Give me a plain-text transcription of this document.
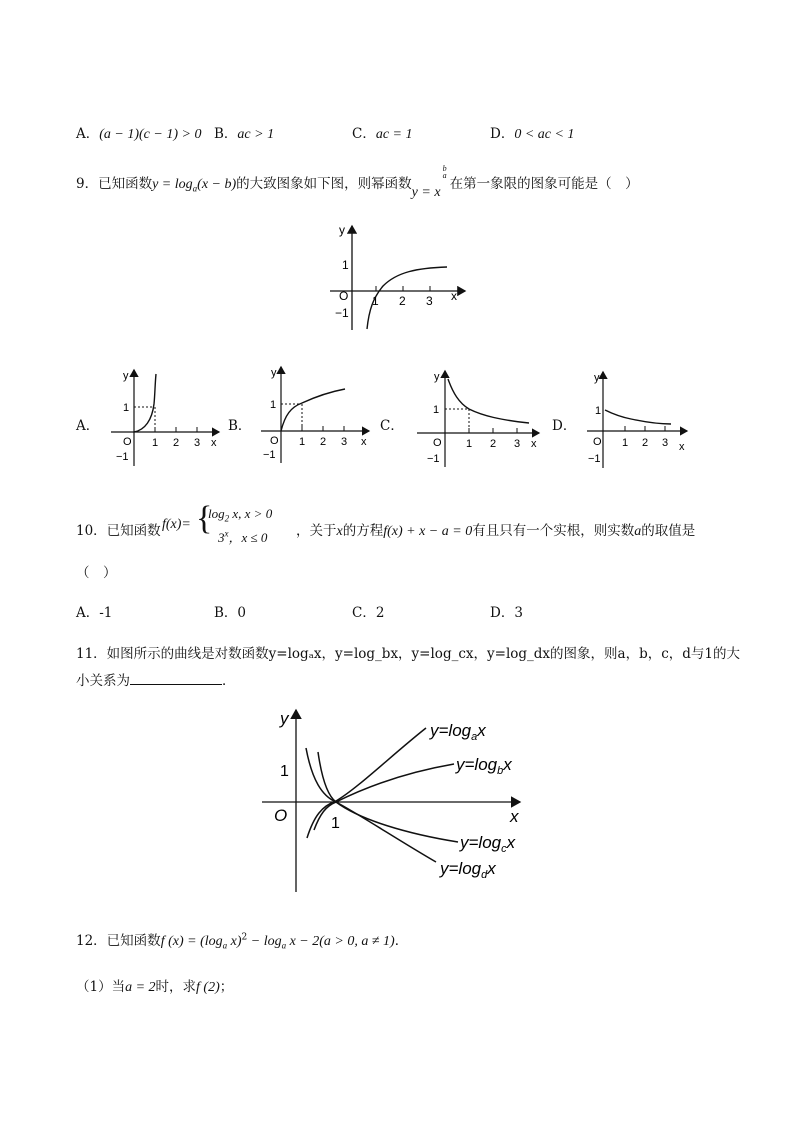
A．(a − 1)(c − 1) > 0 B．ac > 1	C．ac = 1	D．0 < ac < 1
9．已知函数$y = \log_a(x - b)$的大致图象如下图，则幂函数y = x
b
a
在第一象限的图象可能是（　）
y
x
O
1
−1
1 2 3
A．
y
x
O
1
−1
1 2 3
B．
y
x
O
1
−1
1 2 3
C．
y
x
O
1
−1
1 2 3
D．
y
x
O
1
−1
1 2 3
10．已知函数 f(x)= {
$\log_2 x$, x > 0
3$^x$，x ≤ 0 ，关于x的方程f(x) + x − a = 0有且只有一个实根，则实数a的取值是
（　）
A．-1	B．0	C．2	D．3
11．如图所示的曲线是对数函数y=logₐx，y=log_bx，y=log_cx，y=log_dx的图象，则a，b，c，d与1的大
小关系为	．
y
x
O
1
1
$y=\log_ax$
$y=\log_bx$
$y=\log_cx$
$y=\log_dx$
12．已知函数f $(x) = (\log_a$ $x)^2 - \log_a x - 2(a > 0$, a ≠ 1)．
（1）当a = 2时，求f (2)；
